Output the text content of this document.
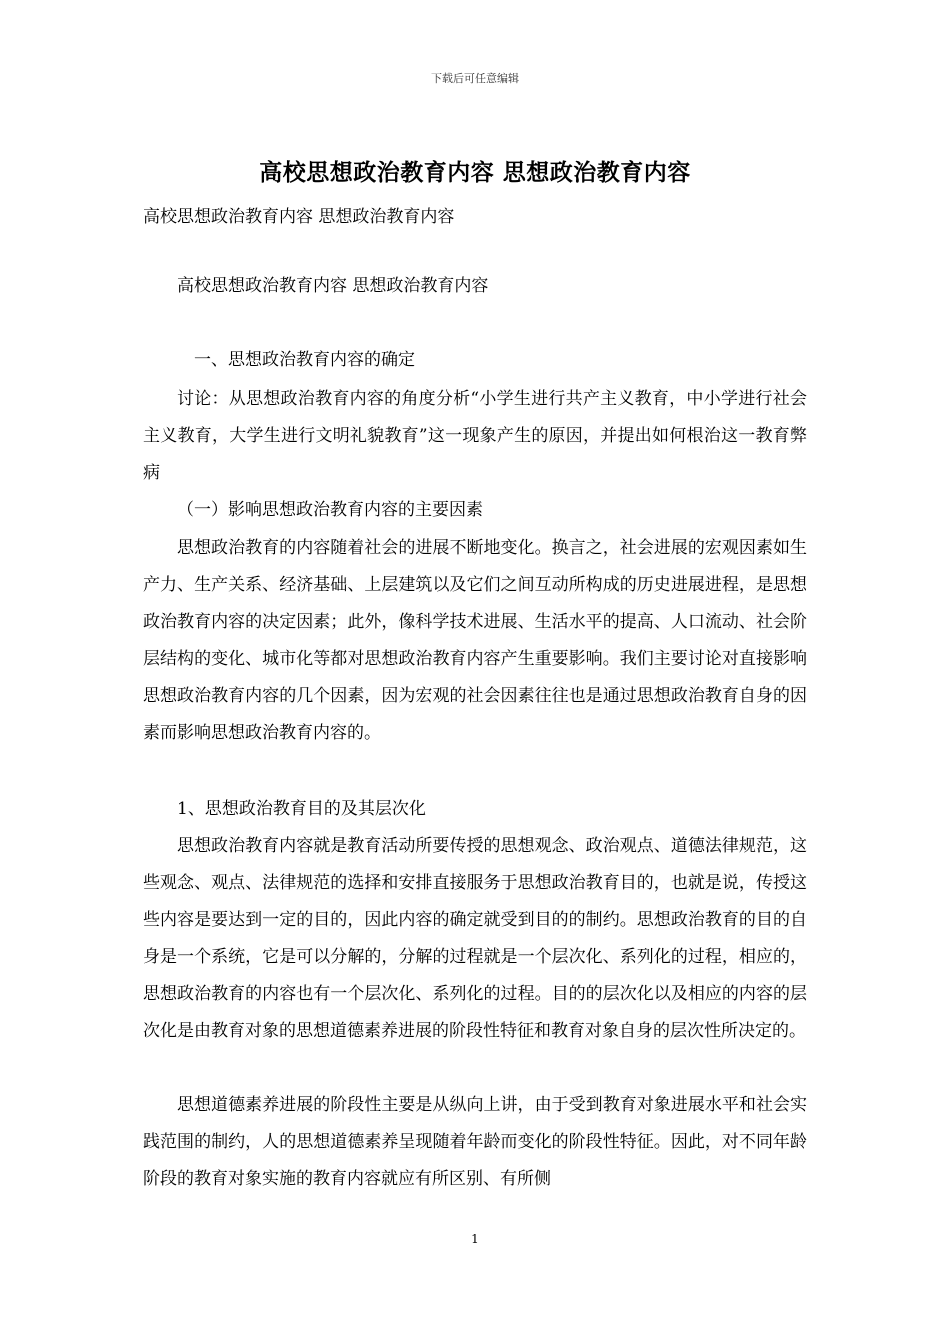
下载后可任意编辑
高校思想政治教育内容 思想政治教育内容
高校思想政治教育内容 思想政治教育内容

高校思想政治教育内容 思想政治教育内容

一、思想政治教育内容的确定

讨论：从思想政治教育内容的角度分析“小学生进行共产主义教育，中小学进行社会主义教育，大学生进行文明礼貌教育”这一现象产生的原因，并提出如何根治这一教育弊病

（一）影响思想政治教育内容的主要因素

思想政治教育的内容随着社会的进展不断地变化。换言之，社会进展的宏观因素如生产力、生产关系、经济基础、上层建筑以及它们之间互动所构成的历史进展进程，是思想政治教育内容的决定因素；此外，像科学技术进展、生活水平的提高、人口流动、社会阶层结构的变化、城市化等都对思想政治教育内容产生重要影响。我们主要讨论对直接影响思想政治教育内容的几个因素，因为宏观的社会因素往往也是通过思想政治教育自身的因素而影响思想政治教育内容的。

1、思想政治教育目的及其层次化

思想政治教育内容就是教育活动所要传授的思想观念、政治观点、道德法律规范，这些观念、观点、法律规范的选择和安排直接服务于思想政治教育目的，也就是说，传授这些内容是要达到一定的目的，因此内容的确定就受到目的的制约。思想政治教育的目的自身是一个系统，它是可以分解的，分解的过程就是一个层次化、系列化的过程，相应的，思想政治教育的内容也有一个层次化、系列化的过程。目的的层次化以及相应的内容的层次化是由教育对象的思想道德素养进展的阶段性特征和教育对象自身的层次性所决定的。

思想道德素养进展的阶段性主要是从纵向上讲，由于受到教育对象进展水平和社会实践范围的制约，人的思想道德素养呈现随着年龄而变化的阶段性特征。因此，对不同年龄阶段的教育对象实施的教育内容就应有所区别、有所侧

1
